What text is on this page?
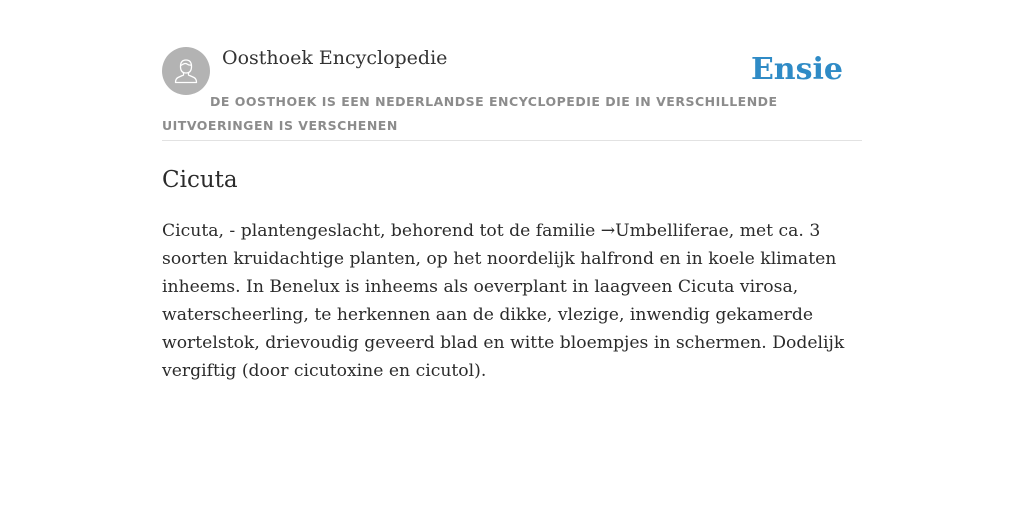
Oosthoek Encyclopedie	Ensie
DE OOSTHOEK IS EEN NEDERLANDSE ENCYCLOPEDIE DIE IN VERSCHILLENDE UITVOERINGEN IS VERSCHENEN
Cicuta

Cicuta, - plantengeslacht, behorend tot de familie →Umbelliferae, met ca. 3 soorten kruidachtige planten, op het noordelijk halfrond en in koele klimaten inheems. In Benelux is inheems als oeverplant in laagveen Cicuta virosa, waterscheerling, te herkennen aan de dikke, vlezige, inwendig gekamerde wortelstok, drievoudig geveerd blad en witte bloempjes in schermen. Dodelijk vergiftig (door cicutoxine en cicutol).
